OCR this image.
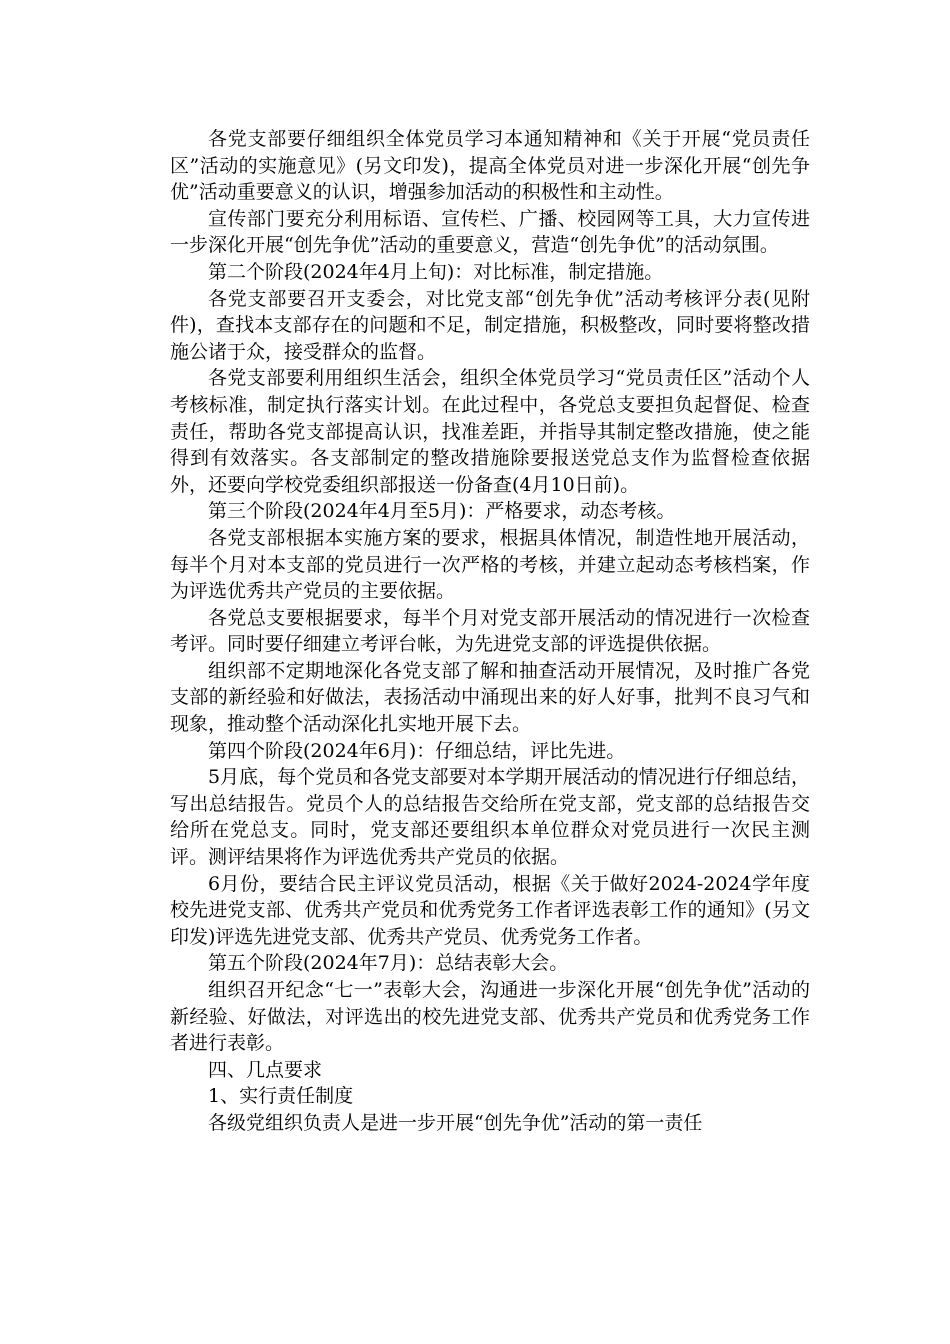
各党支部要仔细组织全体党员学习本通知精神和《关于开展“党员责任区”活动的实施意见》(另文印发)，提高全体党员对进一步深化开展“创先争优”活动重要意义的认识，增强参加活动的积极性和主动性。

宣传部门要充分利用标语、宣传栏、广播、校园网等工具，大力宣传进一步深化开展“创先争优”活动的重要意义，营造“创先争优”的活动氛围。

第二个阶段(2024年4月上旬)：对比标准，制定措施。

各党支部要召开支委会，对比党支部“创先争优”活动考核评分表(见附件)，查找本支部存在的问题和不足，制定措施，积极整改，同时要将整改措施公诸于众，接受群众的监督。

各党支部要利用组织生活会，组织全体党员学习“党员责任区”活动个人考核标准，制定执行落实计划。在此过程中，各党总支要担负起督促、检查责任，帮助各党支部提高认识，找准差距，并指导其制定整改措施，使之能得到有效落实。各支部制定的整改措施除要报送党总支作为监督检查依据外，还要向学校党委组织部报送一份备查(4月10日前)。

第三个阶段(2024年4月至5月)：严格要求，动态考核。

各党支部根据本实施方案的要求，根据具体情况，制造性地开展活动，每半个月对本支部的党员进行一次严格的考核，并建立起动态考核档案，作为评选优秀共产党员的主要依据。

各党总支要根据要求，每半个月对党支部开展活动的情况进行一次检查考评。同时要仔细建立考评台帐，为先进党支部的评选提供依据。

组织部不定期地深化各党支部了解和抽查活动开展情况，及时推广各党支部的新经验和好做法，表扬活动中涌现出来的好人好事，批判不良习气和现象，推动整个活动深化扎实地开展下去。

第四个阶段(2024年6月)：仔细总结，评比先进。

5月底，每个党员和各党支部要对本学期开展活动的情况进行仔细总结，写出总结报告。党员个人的总结报告交给所在党支部，党支部的总结报告交给所在党总支。同时，党支部还要组织本单位群众对党员进行一次民主测评。测评结果将作为评选优秀共产党员的依据。

6月份，要结合民主评议党员活动，根据《关于做好2024-2024学年度校先进党支部、优秀共产党员和优秀党务工作者评选表彰工作的通知》(另文印发)评选先进党支部、优秀共产党员、优秀党务工作者。

第五个阶段(2024年7月)：总结表彰大会。

组织召开纪念“七一”表彰大会，沟通进一步深化开展“创先争优”活动的新经验、好做法，对评选出的校先进党支部、优秀共产党员和优秀党务工作者进行表彰。

四、几点要求

1、实行责任制度

各级党组织负责人是进一步开展“创先争优”活动的第一责任
